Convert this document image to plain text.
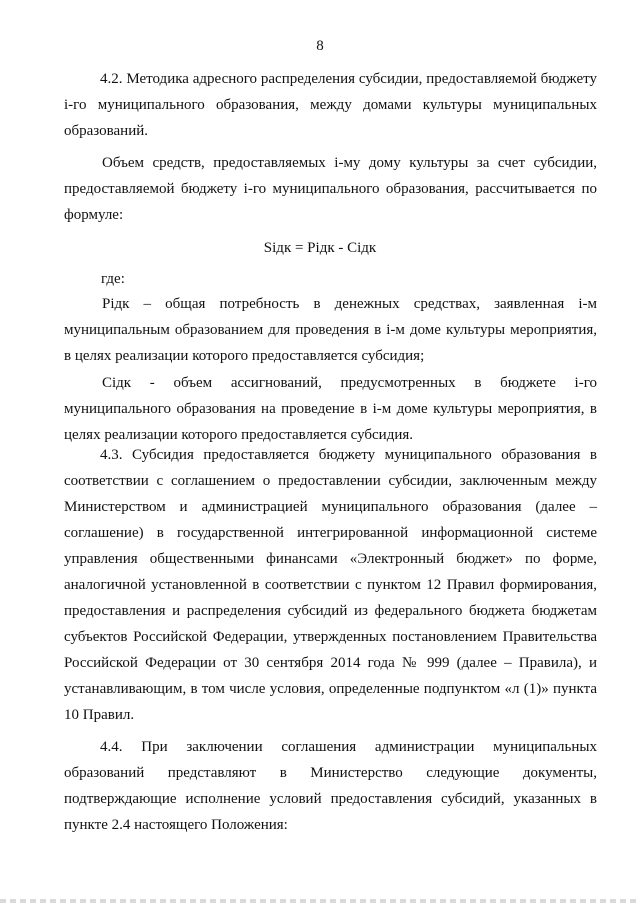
8

4.2. Методика адресного распределения субсидии, предоставляемой бюджету i-го муниципального образования, между домами культуры муниципальных образований.

Объем средств, предоставляемых i-му дому культуры за счет субсидии, предоставляемой бюджету i-го муниципального образования, рассчитывается по формуле:

Siдк = Piдк - Ciдк
где:

Piдк – общая потребность в денежных средствах, заявленная i-м муниципальным образованием для проведения в i-м доме культуры мероприятия, в целях реализации которого предоставляется субсидия;

Ciдк - объем ассигнований, предусмотренных в бюджете i-го муниципального образования на проведение в i-м доме культуры мероприятия, в целях реализации которого предоставляется субсидия.

4.3. Субсидия предоставляется бюджету муниципального образования в соответствии с соглашением о предоставлении субсидии, заключенным между Министерством и администрацией муниципального образования (далее – соглашение) в государственной интегрированной информационной системе управления общественными финансами «Электронный бюджет» по форме, аналогичной установленной в соответствии с пунктом 12 Правил формирования, предоставления и распределения субсидий из федерального бюджета бюджетам субъектов Российской Федерации, утвержденных постановлением Правительства Российской Федерации от 30 сентября 2014 года № 999 (далее – Правила), и устанавливающим, в том числе условия, определенные подпунктом «л (1)» пункта 10 Правил.

4.4. При заключении соглашения администрации муниципальных образований представляют в Министерство следующие документы, подтверждающие исполнение условий предоставления субсидий, указанных в пункте 2.4 настоящего Положения:
